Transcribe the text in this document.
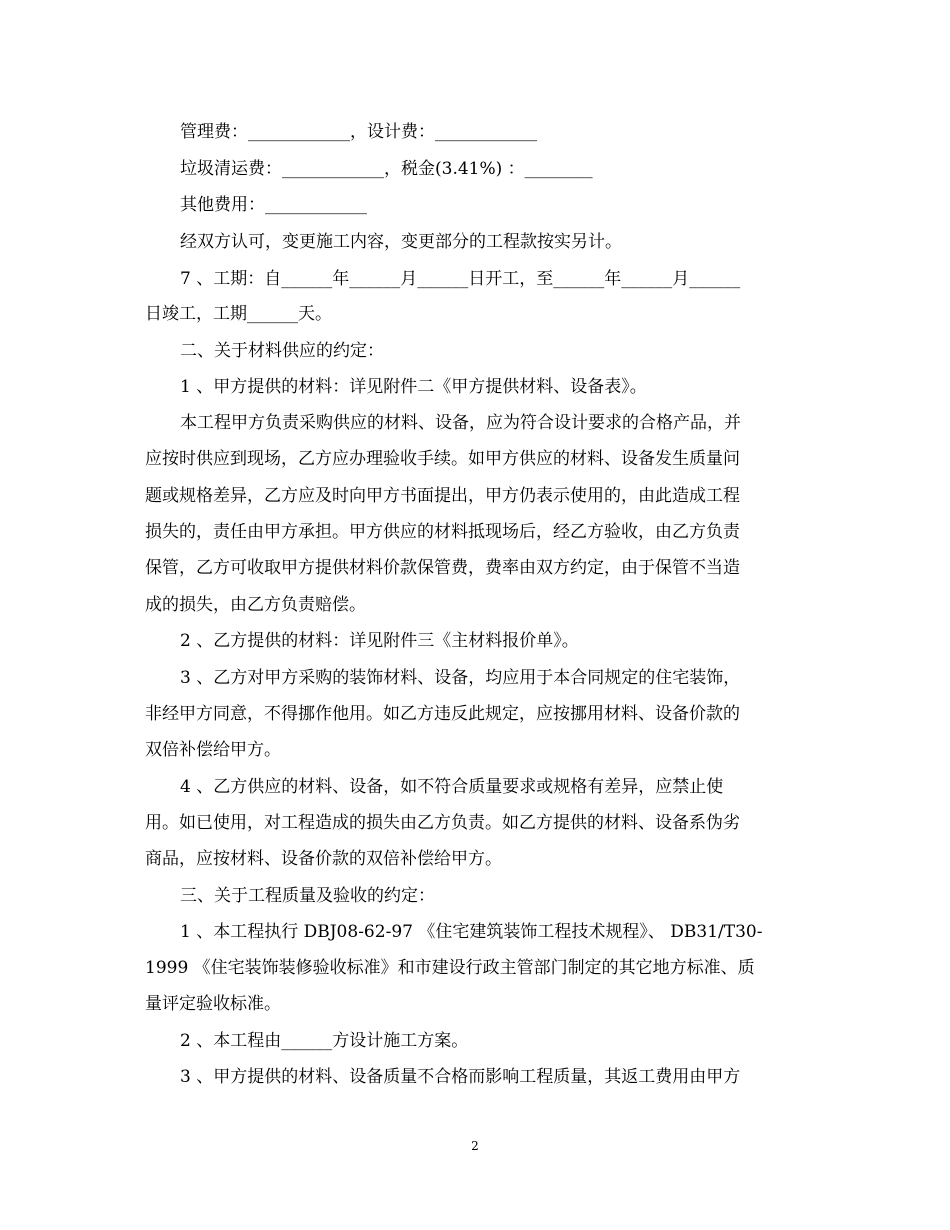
管理费：____________，设计费：____________
垃圾清运费：____________，税金(3.41%) ：________
其他费用：____________
经双方认可，变更施工内容，变更部分的工程款按实另计。
7 、工期：自______年______月______日开工，至______年______月______
日竣工，工期______天。
二、关于材料供应的约定：
1 、甲方提供的材料：详见附件二《甲方提供材料、设备表》。
本工程甲方负责采购供应的材料、设备，应为符合设计要求的合格产品，并
应按时供应到现场，乙方应办理验收手续。如甲方供应的材料、设备发生质量问
题或规格差异，乙方应及时向甲方书面提出，甲方仍表示使用的，由此造成工程
损失的，责任由甲方承担。甲方供应的材料抵现场后，经乙方验收，由乙方负责
保管，乙方可收取甲方提供材料价款保管费，费率由双方约定，由于保管不当造
成的损失，由乙方负责赔偿。
2 、乙方提供的材料：详见附件三《主材料报价单》。
3 、乙方对甲方采购的装饰材料、设备，均应用于本合同规定的住宅装饰，
非经甲方同意，不得挪作他用。如乙方违反此规定，应按挪用材料、设备价款的
双倍补偿给甲方。
4 、乙方供应的材料、设备，如不符合质量要求或规格有差异，应禁止使
用。如已使用，对工程造成的损失由乙方负责。如乙方提供的材料、设备系伪劣
商品，应按材料、设备价款的双倍补偿给甲方。
三、关于工程质量及验收的约定：
1 、本工程执行 DBJ08-62-97 《住宅建筑装饰工程技术规程》、 DB31/T30-
1999 《住宅装饰装修验收标准》和市建设行政主管部门制定的其它地方标准、质
量评定验收标准。
2 、本工程由______方设计施工方案。
3 、甲方提供的材料、设备质量不合格而影响工程质量，其返工费用由甲方
2
